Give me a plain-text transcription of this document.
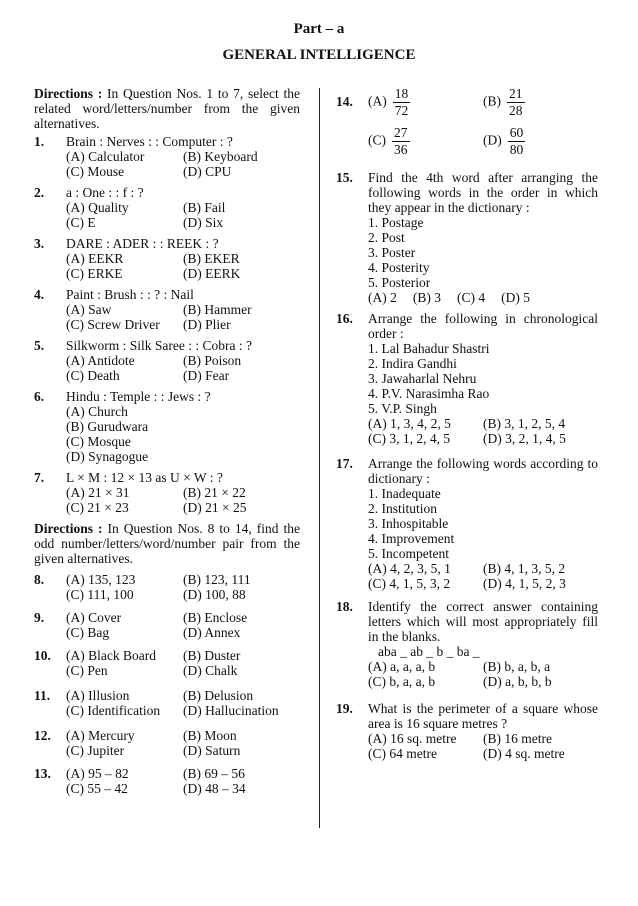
Part – a
GENERAL INTELLIGENCE
Directions : In Question Nos. 1 to 7, select the related word/letters/number from the given alternatives.
1.	Brain : Nerves : : Computer : ?
(A) Calculator	(B) Keyboard
(C) Mouse	(D) CPU
2.	a : One : : f : ?
(A) Quality	(B) Fail
(C) E	(D) Six
3.	DARE : ADER : : REEK : ?
(A) EEKR	(B) EKER
(C) ERKE	(D) EERK
4.	Paint : Brush : : ? : Nail
(A) Saw	(B) Hammer
(C) Screw Driver	(D) Plier
5.	Silkworm : Silk Saree : : Cobra : ?
(A) Antidote	(B) Poison
(C) Death	(D) Fear
6.	Hindu : Temple : : Jews : ?
(A) Church
(B) Gurudwara
(C) Mosque
(D) Synagogue
7.	L × M : 12 × 13 as U × W : ?
(A) 21 × 31	(B) 21 × 22
(C) 21 × 23	(D) 21 × 25
Directions : In Question Nos. 8 to 14, find the odd number/letters/word/number pair from the given alternatives.
8.	(A) 135, 123	(B) 123, 111
(C) 111, 100	(D) 100, 88
9.	(A) Cover	(B) Enclose
(C) Bag	(D) Annex
10.	(A) Black Board	(B) Duster
(C) Pen	(D) Chalk
11.	(A) Illusion	(B) Delusion
(C) Identification	(D) Hallucination
12.	(A) Mercury	(B) Moon
(C) Jupiter	(D) Saturn
13.	(A) 95 – 82	(B) 69 – 56
(C) 55 – 42	(D) 48 – 34
14.	$(A) \frac{18}{72}$	$(B) \frac{21}{28}$
$(C) \frac{27}{36}$	$(D) \frac{60}{80}$
15.	Find the 4th word after arranging the following words in the order in which they appear in the dictionary :
1. Postage
2. Post
3. Poster
4. Posterity
5. Posterior
(A) 2 (B) 3 (C) 4 (D) 5
16.	Arrange the following in chronological order :
1. Lal Bahadur Shastri
2. Indira Gandhi
3. Jawaharlal Nehru
4. P.V. Narasimha Rao
5. V.P. Singh
(A) 1, 3, 4, 2, 5	(B) 3, 1, 2, 5, 4
(C) 3, 1, 2, 4, 5	(D) 3, 2, 1, 4, 5
17.	Arrange the following words according to dictionary :
1. Inadequate
2. Institution
3. Inhospitable
4. Improvement
5. Incompetent
(A) 4, 2, 3, 5, 1	(B) 4, 1, 3, 5, 2
(C) 4, 1, 5, 3, 2	(D) 4, 1, 5, 2, 3
18.	Identify the correct answer containing letters which will most appropriately fill in the blanks.
aba _ ab _ b _ ba _
(A) a, a, a, b	(B) b, a, b, a
(C) b, a, a, b	(D) a, b, b, b
19.	What is the perimeter of a square whose area is 16 square metres ?
(A) 16 sq. metre	(B) 16 metre
(C) 64 metre	(D) 4 sq. metre
